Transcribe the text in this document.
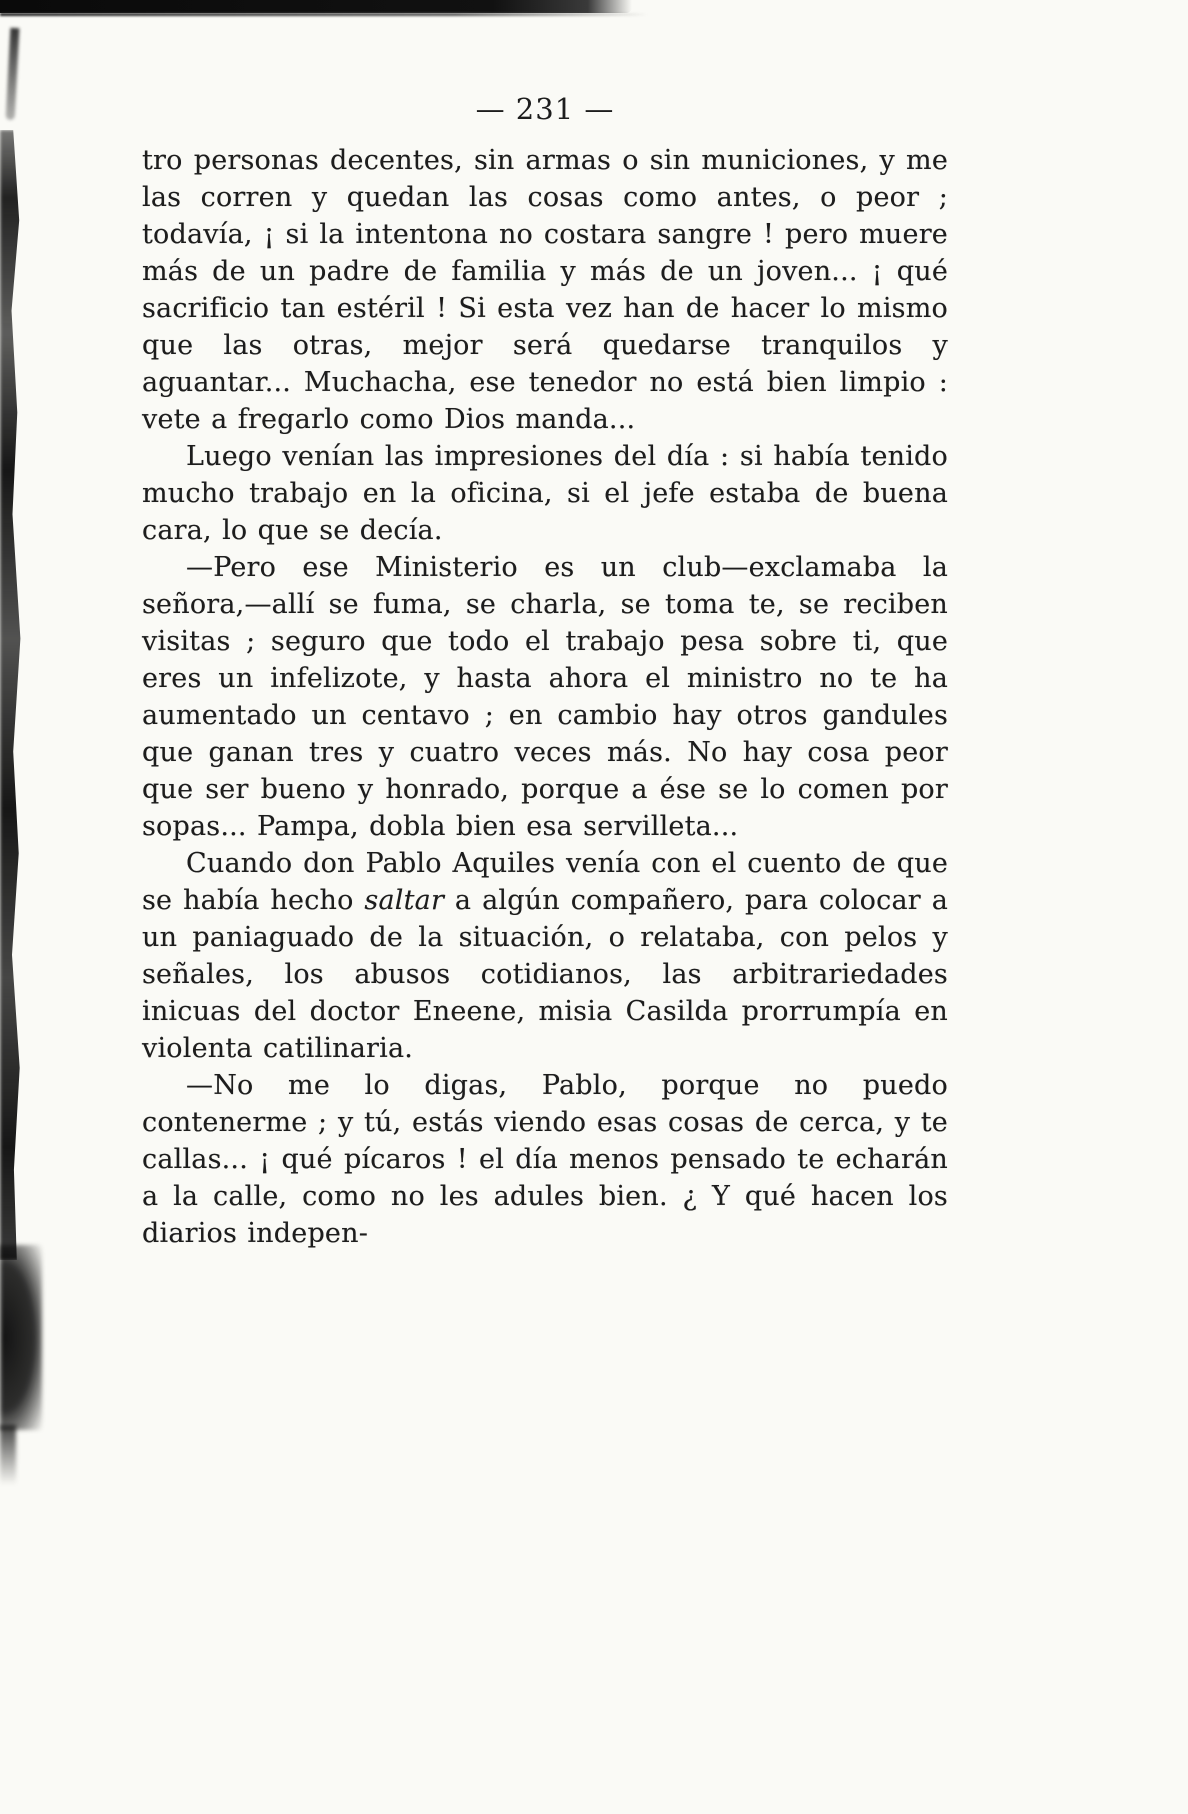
— 231 —

tro personas decentes, sin armas o sin municiones, y me las corren y quedan las cosas como antes, o peor ; todavía, ¡ si la intentona no costara sangre ! pero muere más de un padre de familia y más de un joven... ¡ qué sacrificio tan estéril ! Si esta vez han de hacer lo mismo que las otras, mejor será quedarse tranquilos y aguantar... Muchacha, ese tenedor no está bien limpio : vete a fregarlo como Dios manda...

Luego venían las impresiones del día : si había tenido mucho trabajo en la oficina, si el jefe estaba de buena cara, lo que se decía.

—Pero ese Ministerio es un club—exclamaba la señora,—allí se fuma, se charla, se toma te, se reciben visitas ; seguro que todo el trabajo pesa sobre ti, que eres un infelizote, y hasta ahora el ministro no te ha aumentado un centavo ; en cambio hay otros gandules que ganan tres y cuatro veces más. No hay cosa peor que ser bueno y honrado, porque a ése se lo comen por sopas... Pampa, dobla bien esa servilleta...

Cuando don Pablo Aquiles venía con el cuento de que se había hecho saltar a algún compañero, para colocar a un paniaguado de la situación, o relataba, con pelos y señales, los abusos cotidianos, las arbitrariedades inicuas del doctor Eneene, misia Casilda prorrumpía en violenta catilinaria.

—No me lo digas, Pablo, porque no puedo contenerme ; y tú, estás viendo esas cosas de cerca, y te callas... ¡ qué pícaros ! el día menos pensado te echarán a la calle, como no les adules bien. ¿ Y qué hacen los diarios indepen-
